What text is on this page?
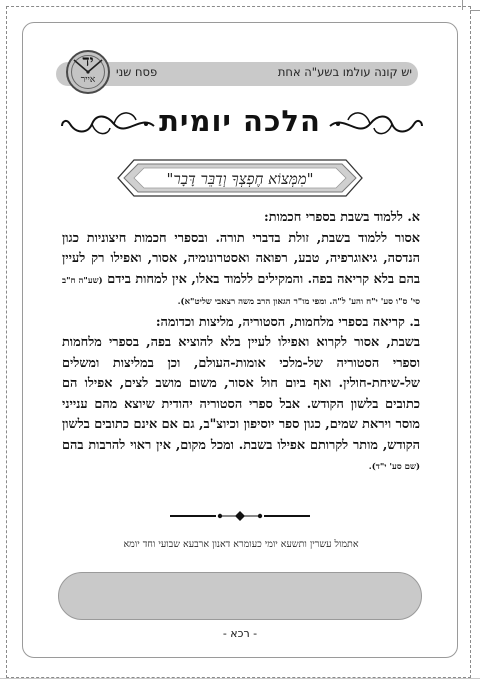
יש קונה עולמו בשע"ה אחת
פסח שני
יד
אייר
הלכה יומית
"מִמְּצוֹא חֶפְצְךָ וְדַבֵּר דָּבָר"

א. ללמוד בשבת בספרי חכמות:
אסור ללמוד בשבת, זולת בדברי תורה. ובספרי חכמות חיצוניות כגון הנדסה, גיאוגרפיה, טבע, רפואה ואסטרונומיה, אסור, ואפילו רק לעיין בהם בלא קריאה בפה. והמקילים ללמוד באלו, אין למחות בידם (שע"ה ח"ב סי' ס"ו סע' י"ח והע' ל"ה. ומפי מו"ר הגאון הרב משה רצאבי שליט"א).

ב. קריאה בספרי מלחמות, הסטוריה, מליצות וכדומה:
בשבת, אסור לקרוא ואפילו לעיין בלא להוציא בפה, בספרי מלחמות וספרי הסטוריה של-מלכי אומות-העולם, וכן במליצות ומשלים של-שיחת-חולין. ואף ביום חול אסור, משום מושב לצים, אפילו הם כתובים בלשון הקודש. אבל ספרי הסטוריה יהודית שיוצא מהם ענייני מוסר ויראת שמים, כגון ספר יוסיפון וכיוצ"ב, גם אם אינם כתובים בלשון הקודש, מותר לקרותם אפילו בשבת. ומכל מקום, אין ראוי להרבות בהם (שם סע' י"ד).

אתמול עשרין ותשעא יומי כעומרא דאנון ארבעא שבועי וחד יומא
- רכא -
